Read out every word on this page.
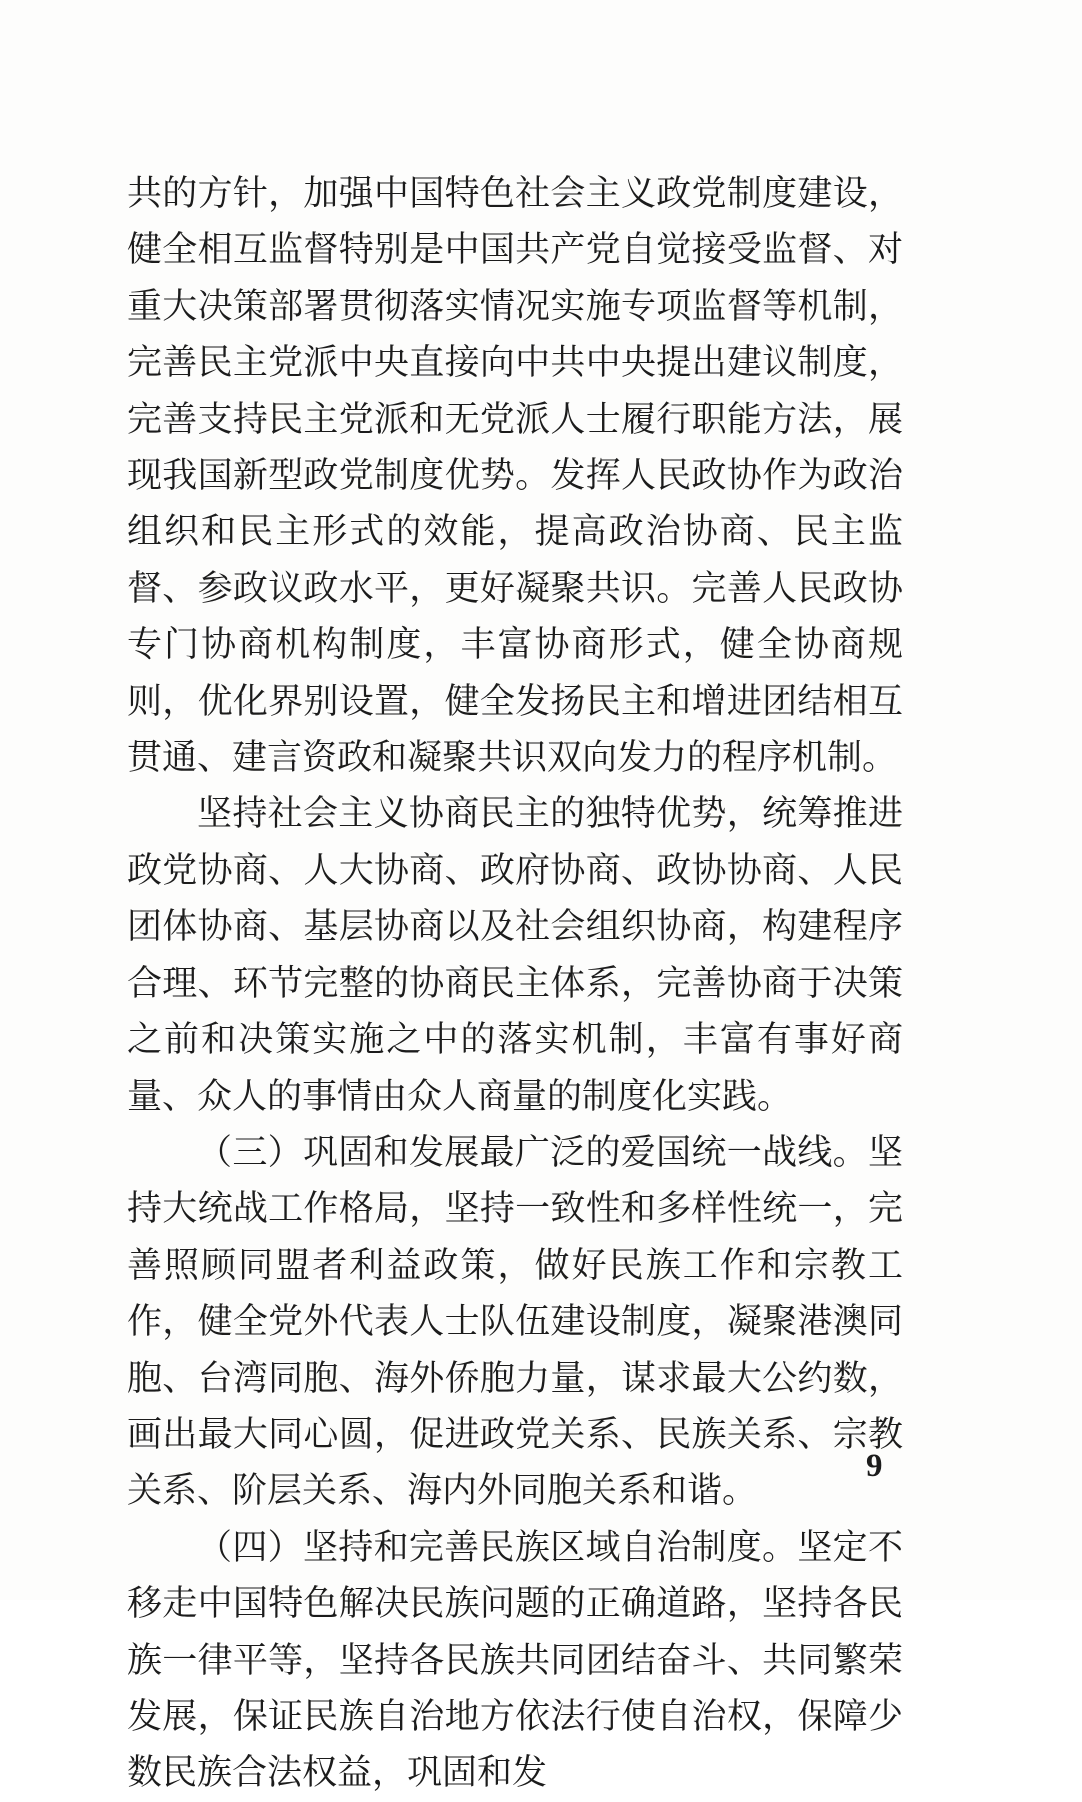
共的方针，加强中国特色社会主义政党制度建设，健全相互监督特别是中国共产党自觉接受监督、对重大决策部署贯彻落实情况实施专项监督等机制，完善民主党派中央直接向中共中央提出建议制度，完善支持民主党派和无党派人士履行职能方法，展现我国新型政党制度优势。发挥人民政协作为政治组织和民主形式的效能，提高政治协商、民主监督、参政议政水平，更好凝聚共识。完善人民政协专门协商机构制度，丰富协商形式，健全协商规则，优化界别设置，健全发扬民主和增进团结相互贯通、建言资政和凝聚共识双向发力的程序机制。

坚持社会主义协商民主的独特优势，统筹推进政党协商、人大协商、政府协商、政协协商、人民团体协商、基层协商以及社会组织协商，构建程序合理、环节完整的协商民主体系，完善协商于决策之前和决策实施之中的落实机制，丰富有事好商量、众人的事情由众人商量的制度化实践。

（三）巩固和发展最广泛的爱国统一战线。坚持大统战工作格局，坚持一致性和多样性统一，完善照顾同盟者利益政策，做好民族工作和宗教工作，健全党外代表人士队伍建设制度，凝聚港澳同胞、台湾同胞、海外侨胞力量，谋求最大公约数，画出最大同心圆，促进政党关系、民族关系、宗教关系、阶层关系、海内外同胞关系和谐。

（四）坚持和完善民族区域自治制度。坚定不移走中国特色解决民族问题的正确道路，坚持各民族一律平等，坚持各民族共同团结奋斗、共同繁荣发展，保证民族自治地方依法行使自治权，保障少数民族合法权益，巩固和发

9
